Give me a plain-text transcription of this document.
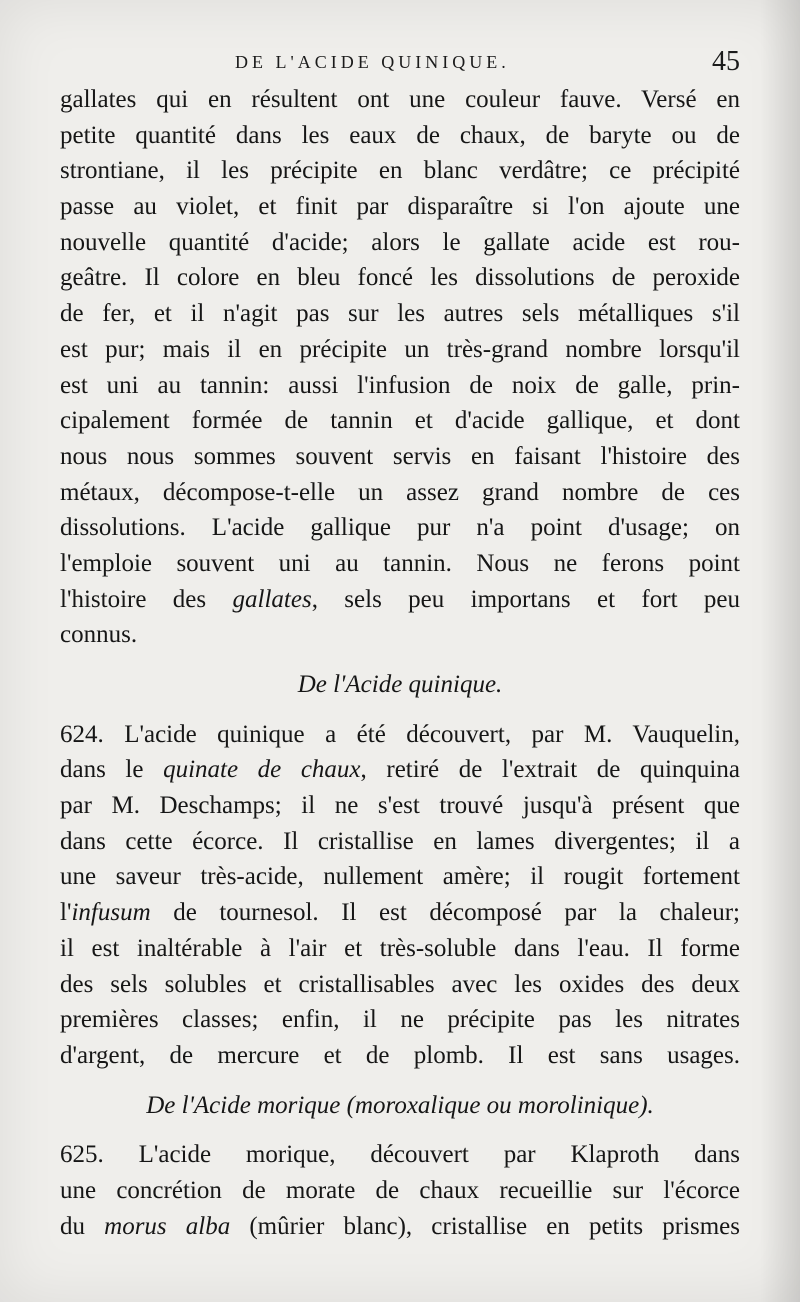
DE L'ACIDE QUINIQUE.	45
gallates qui en résultent ont une couleur fauve. Versé en
petite quantité dans les eaux de chaux, de baryte ou de
strontiane, il les précipite en blanc verdâtre; ce précipité
passe au violet, et finit par disparaître si l'on ajoute une
nouvelle quantité d'acide; alors le gallate acide est rou-
geâtre. Il colore en bleu foncé les dissolutions de peroxide
de fer, et il n'agit pas sur les autres sels métalliques s'il
est pur; mais il en précipite un très-grand nombre lorsqu'il
est uni au tannin: aussi l'infusion de noix de galle, prin-
cipalement formée de tannin et d'acide gallique, et dont
nous nous sommes souvent servis en faisant l'histoire des
métaux, décompose-t-elle un assez grand nombre de ces
dissolutions. L'acide gallique pur n'a point d'usage; on
l'emploie souvent uni au tannin. Nous ne ferons point
l'histoire des gallates, sels peu importans et fort peu
connus.
De l'Acide quinique.
624. L'acide quinique a été découvert, par M. Vauquelin,
dans le quinate de chaux, retiré de l'extrait de quinquina
par M. Deschamps; il ne s'est trouvé jusqu'à présent que
dans cette écorce. Il cristallise en lames divergentes; il a
une saveur très-acide, nullement amère; il rougit fortement
l'infusum de tournesol. Il est décomposé par la chaleur;
il est inaltérable à l'air et très-soluble dans l'eau. Il forme
des sels solubles et cristallisables avec les oxides des deux
premières classes; enfin, il ne précipite pas les nitrates
d'argent, de mercure et de plomb. Il est sans usages.
De l'Acide morique (moroxalique ou morolinique).
625. L'acide morique, découvert par Klaproth dans
une concrétion de morate de chaux recueillie sur l'écorce
du morus alba (mûrier blanc), cristallise en petits prismes
